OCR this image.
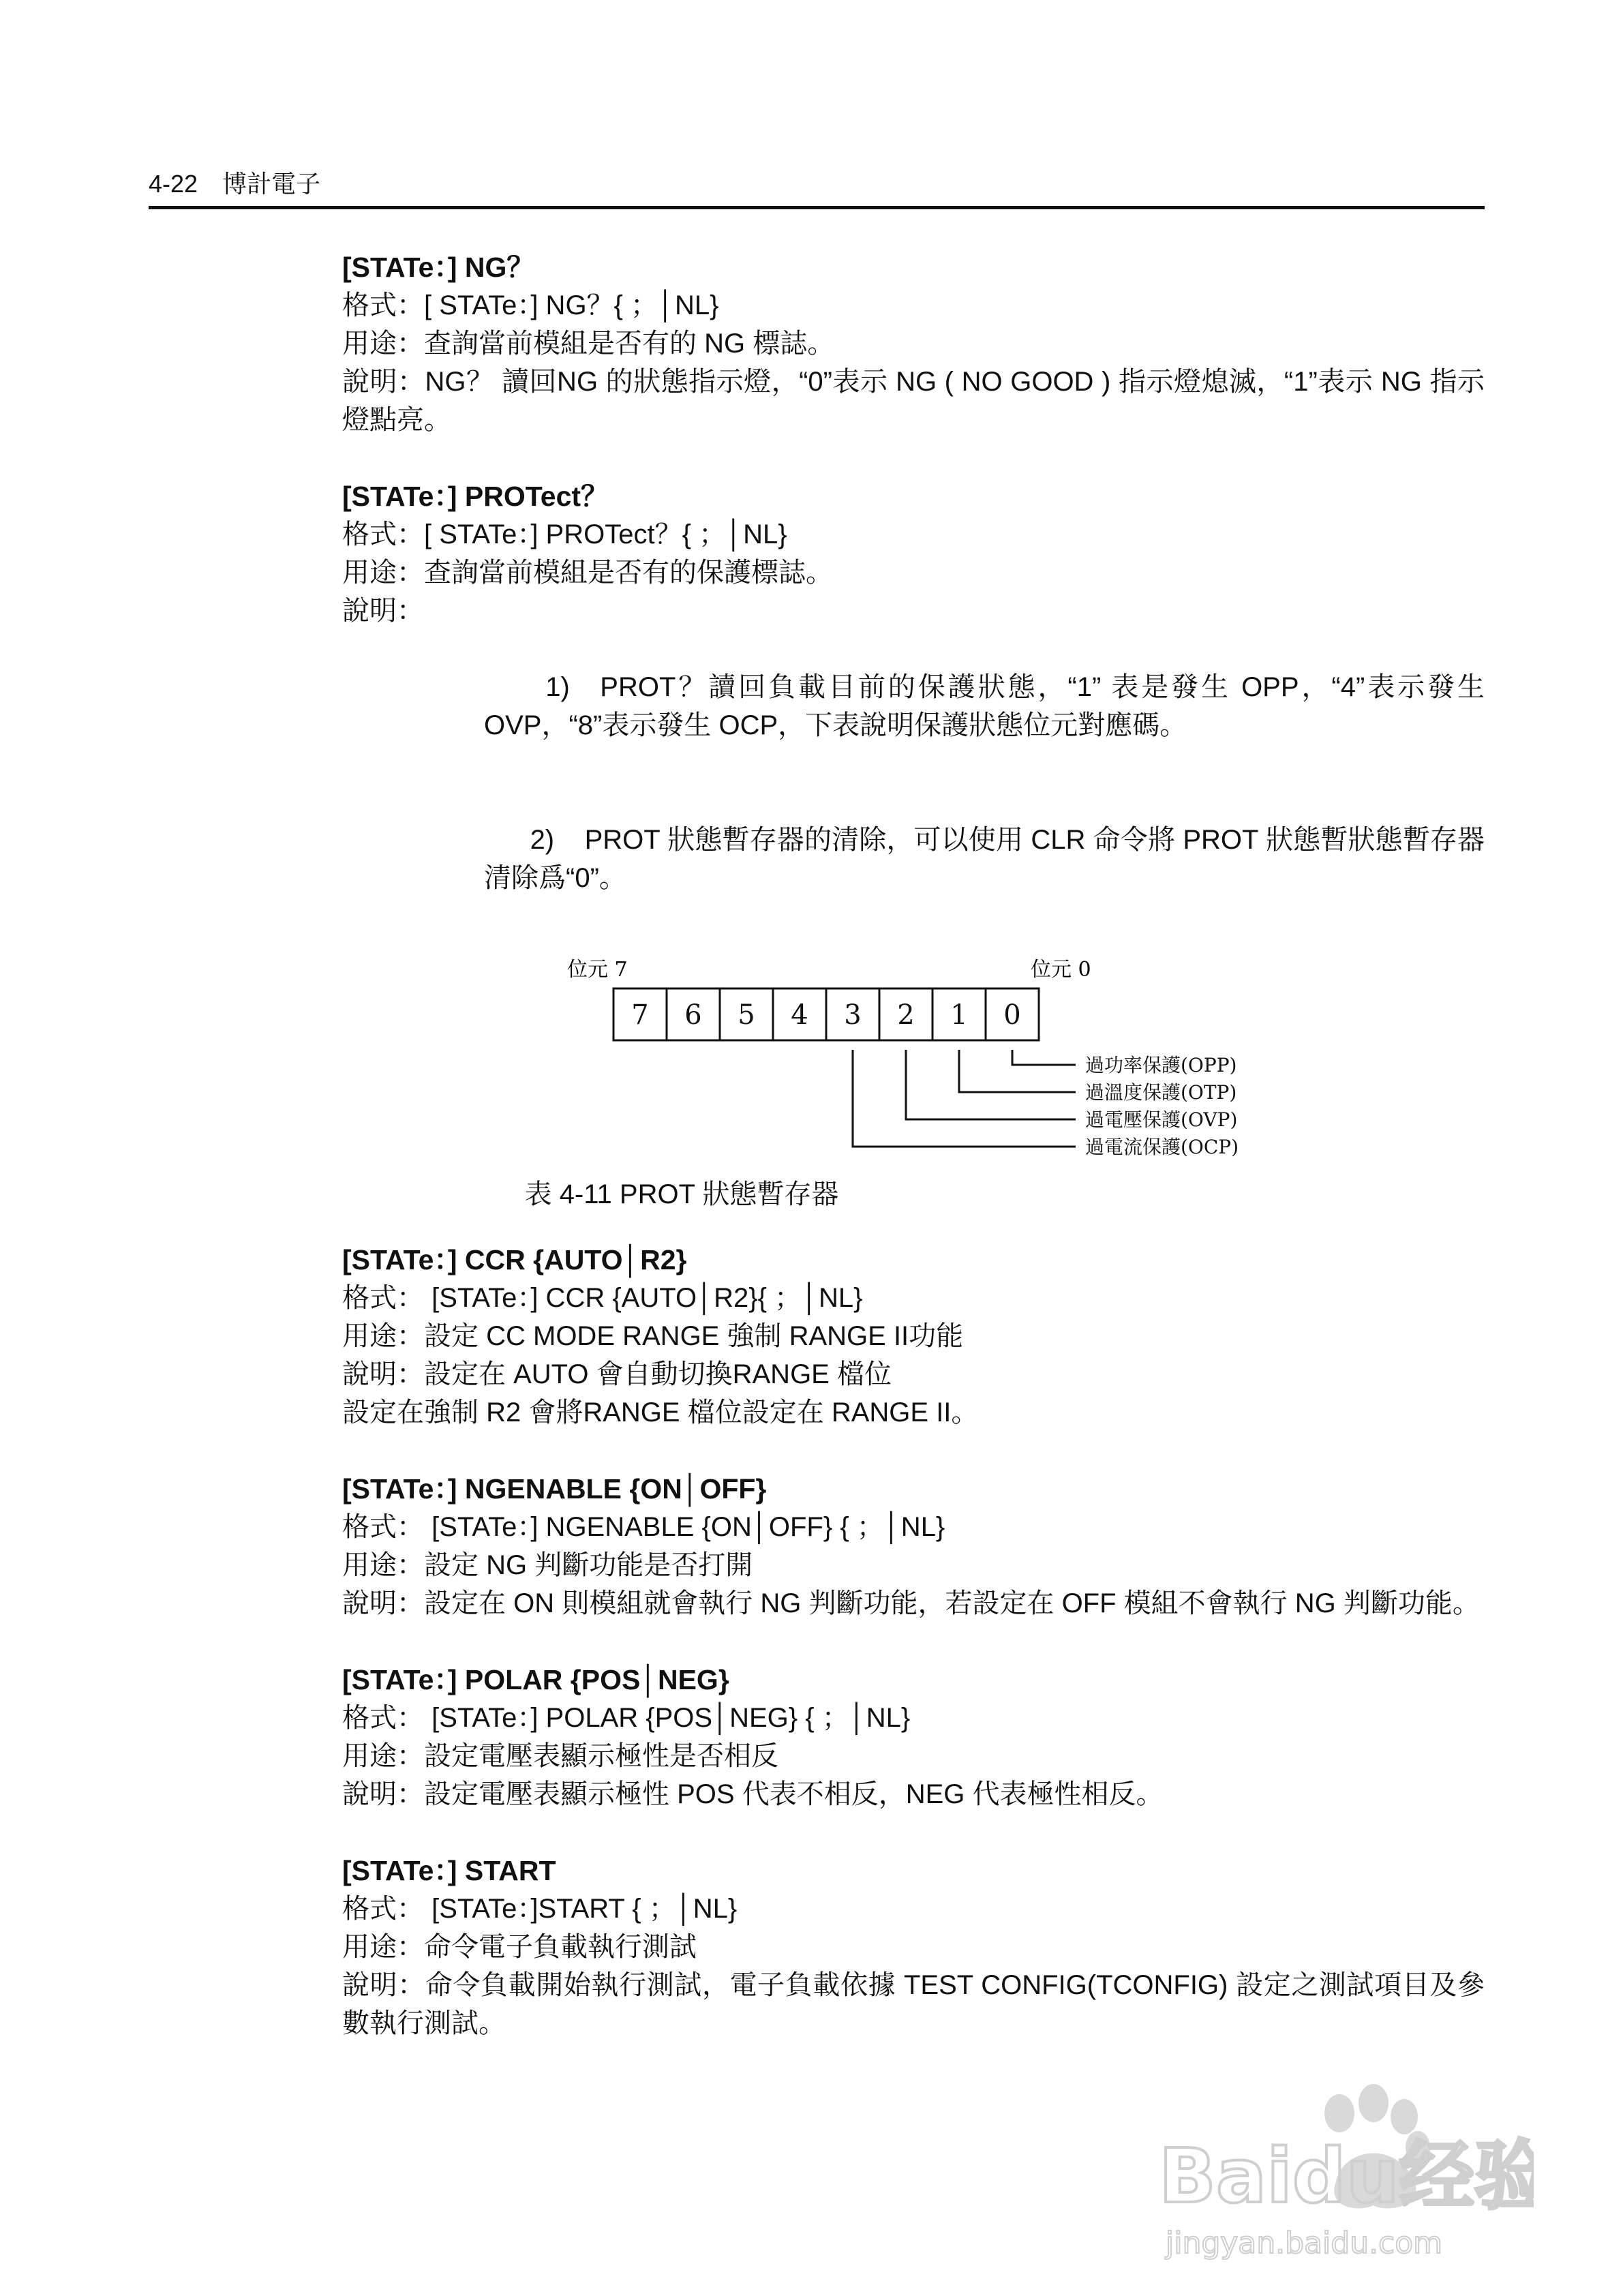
4-22 博計電子
[STATe：] NG？
格式：[ STATe：] NG？{ ；│NL}
用途：查詢當前模組是否有的 NG 標誌。
說明：NG？ 讀回NG 的狀態指示燈，“0”表示 NG ( NO GOOD ) 指示燈熄滅，“1”表示 NG 指示燈點亮。
[STATe：] PROTect？
格式：[ STATe：] PROTect？{ ；│NL}
用途：查詢當前模組是否有的保護標誌。
說明：

1) PROT？讀回負載目前的保護狀態，“1” 表是發生 OPP，“4”表示發生 OVP，“8”表示發生 OCP，下表說明保護狀態位元對應碼。

2) PROT 狀態暫存器的清除，可以使用 CLR 命令將 PROT 狀態暫狀態暫存器清除爲“0”。

位元 7	位元 0
7 6 5 4 3 2 1 0
過功率保護(OPP)
過溫度保護(OTP)
過電壓保護(OVP)
過電流保護(OCP)
表 4-11 PROT 狀態暫存器
[STATe：] CCR {AUTO│R2}
格式： [STATe：] CCR {AUTO│R2}{ ；│NL}
用途：設定 CC MODE RANGE 強制 RANGE II功能
說明：設定在 AUTO 會自動切換RANGE 檔位
設定在強制 R2 會將RANGE 檔位設定在 RANGE II。
[STATe：] NGENABLE {ON│OFF}
格式： [STATe：] NGENABLE {ON│OFF} { ；│NL}
用途：設定 NG 判斷功能是否打開
說明：設定在 ON 則模組就會執行 NG 判斷功能，若設定在 OFF 模組不會執行 NG 判斷功能。
[STATe：] POLAR {POS│NEG}
格式： [STATe：] POLAR {POS│NEG} { ；│NL}
用途：設定電壓表顯示極性是否相反
說明：設定電壓表顯示極性 POS 代表不相反，NEG 代表極性相反。
[STATe：] START
格式： [STATe：]START { ；│NL}
用途：命令電子負載執行測試
說明：命令負載開始執行測試，電子負載依據 TEST CONFIG(TCONFIG) 設定之測試項目及參數執行測試。
Baidu经验
jingyan.baidu.com
